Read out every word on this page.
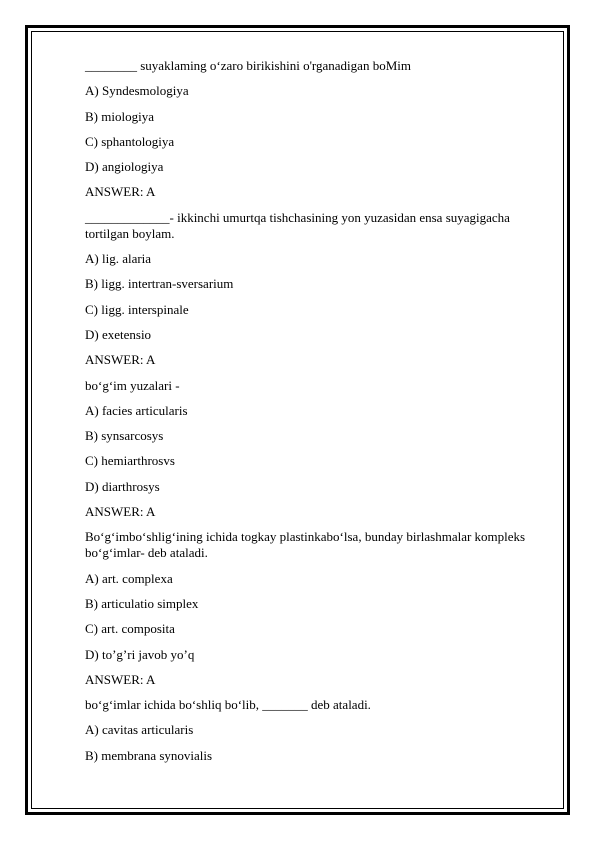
________ suyaklaming o‘zaro birikishini o'rganadigan boMim
A) Syndesmologiya
B) miologiya
C) sphantologiya
D) angiologiya
ANSWER: A
_____________- ikkinchi umurtqa tishchasining yon yuzasidan ensa suyagigacha tortilgan boylam.
A) lig. alaria
B) ligg. intertran-sversarium
C) ligg. interspinale
D) exetensio
ANSWER: A
bo‘g‘im yuzalari -
A) facies articularis
B) synsarcosys
C) hemiarthrosvs
D) diarthrosys
ANSWER: A
Bo‘g‘imbo‘shlig‘ining ichida togkay plastinkabo‘lsa, bunday birlashmalar kompleks bo‘g‘imlar- deb ataladi.
A) art. complexa
B) articulatio simplex
C) art. composita
D) to’g’ri javob yo’q
ANSWER: A
bo‘g‘imlar ichida bo‘shliq bo‘lib, _______ deb ataladi.
A) cavitas articularis
B) membrana synovialis
